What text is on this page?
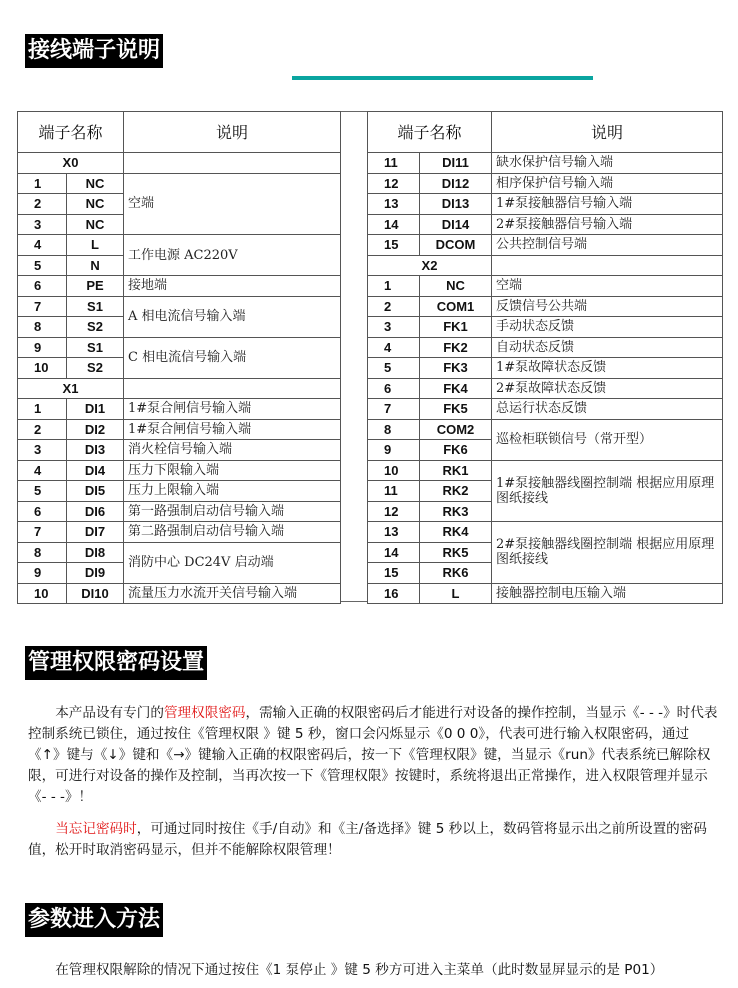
接线端子说明
端子名称		说明
X0		
1	NC	空端
2	NC	
3	NC	
4	L	工作电源 AC220V
5	N	
6	PE	接地端
7	S1	A 相电流信号输入端
8	S2	
9	S1	C 相电流信号输入端
10	S2	
X1		
1	DI1	1#泵合闸信号输入端
2	DI2	1#泵合闸信号输入端
3	DI3	消火栓信号输入端
4	DI4	压力下限输入端
5	DI5	压力上限输入端
6	DI6	第一路强制启动信号输入端
7	DI7	第二路强制启动信号输入端
8	DI8	消防中心 DC24V 启动端
9	DI9	
10	DI10	流量压力水流开关信号输入端
端子名称		说明
11	DI11	缺水保护信号输入端
12	DI12	相序保护信号输入端
13	DI13	1#泵接触器信号输入端
14	DI14	2#泵接触器信号输入端
15	DCOM	公共控制信号端
X2		
1	NC	空端
2	COM1	反馈信号公共端
3	FK1	手动状态反馈
4	FK2	自动状态反馈
5	FK3	1#泵故障状态反馈
6	FK4	2#泵故障状态反馈
7	FK5	总运行状态反馈
8	COM2	巡检柜联锁信号（常开型）
9	FK6	
10	RK1	1#泵接触器线圈控制端 根据应用原理图纸接线
11	RK2	
12	RK3	
13	RK4	2#泵接触器线圈控制端 根据应用原理图纸接线
14	RK5	
15	RK6	
16	L	接触器控制电压输入端
管理权限密码设置
本产品设有专门的管理权限密码，需输入正确的权限密码后才能进行对设备的操作控制，当显示《- - -》时代表控制系统已锁住，通过按住《管理权限 》键 5 秒，窗口会闪烁显示《0 0 0》，代表可进行输入权限密码，通过《↑》键与《↓》键和《→》键输入正确的权限密码后，按一下《管理权限》键，当显示《run》代表系统已解除权限，可进行对设备的操作及控制，当再次按一下《管理权限》按键时，系统将退出正常操作，进入权限管理并显示《- - -》！
当忘记密码时，可通过同时按住《手/自动》和《主/备选择》键 5 秒以上，数码管将显示出之前所设置的密码值，松开时取消密码显示，但并不能解除权限管理！
参数进入方法
在管理权限解除的情况下通过按住《1 泵停止 》键 5 秒方可进入主菜单（此时数显屏显示的是 P01）
